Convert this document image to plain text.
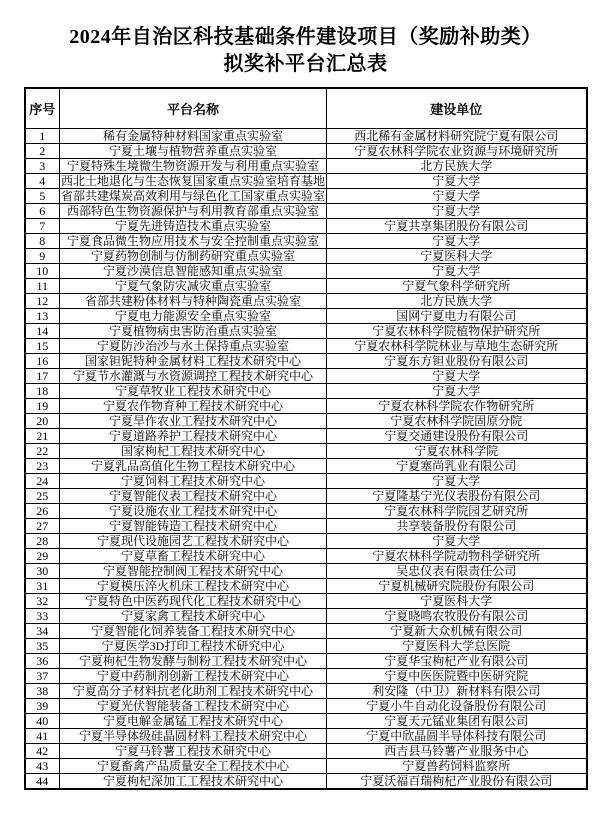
2024年自治区科技基础条件建设项目（奖励补助类）
拟奖补平台汇总表
序号	平台名称	建设单位
1	稀有金属特种材料国家重点实验室	西北稀有金属材料研究院宁夏有限公司
2	宁夏土壤与植物营养重点实验室	宁夏农林科学院农业资源与环境研究所
3	宁夏特殊生境微生物资源开发与利用重点实验室	北方民族大学
4	西北土地退化与生态恢复国家重点实验室培育基地	宁夏大学
5	省部共建煤炭高效利用与绿色化工国家重点实验室	宁夏大学
6	西部特色生物资源保护与利用教育部重点实验室	宁夏大学
7	宁夏先进铸造技术重点实验室	宁夏共享集团股份有限公司
8	宁夏食品微生物应用技术与安全控制重点实验室	宁夏大学
9	宁夏药物创制与仿制药研究重点实验室	宁夏医科大学
10	宁夏沙漠信息智能感知重点实验室	宁夏大学
11	宁夏气象防灾减灾重点实验室	宁夏气象科学研究所
12	省部共建粉体材料与特种陶瓷重点实验室	北方民族大学
13	宁夏电力能源安全重点实验室	国网宁夏电力有限公司
14	宁夏植物病虫害防治重点实验室	宁夏农林科学院植物保护研究所
15	宁夏防沙治沙与水土保持重点实验室	宁夏农林科学院林业与草地生态研究所
16	国家钽铌特种金属材料工程技术研究中心	宁夏东方钽业股份有限公司
17	宁夏节水灌溉与水资源调控工程技术研究中心	宁夏大学
18	宁夏草牧业工程技术研究中心	宁夏大学
19	宁夏农作物育种工程技术研究中心	宁夏农林科学院农作物研究所
20	宁夏旱作农业工程技术研究中心	宁夏农林科学院固原分院
21	宁夏道路养护工程技术研究中心	宁夏交通建设股份有限公司
22	国家枸杞工程技术研究中心	宁夏农林科学院
23	宁夏乳品高值化生物工程技术研究中心	宁夏塞尚乳业有限公司
24	宁夏饲料工程技术研究中心	宁夏大学
25	宁夏智能仪表工程技术研究中心	宁夏隆基宁光仪表股份有限公司
26	宁夏设施农业工程技术研究中心	宁夏农林科学院园艺研究所
27	宁夏智能铸造工程技术研究中心	共享装备股份有限公司
28	宁夏现代设施园艺工程技术研究中心	宁夏大学
29	宁夏草畜工程技术研究中心	宁夏农林科学院动物科学研究所
30	宁夏智能控制阀工程技术研究中心	吴忠仪表有限责任公司
31	宁夏模压淬火机床工程技术研究中心	宁夏机械研究院股份有限公司
32	宁夏特色中医药现代化工程技术研究中心	宁夏医科大学
33	宁夏家禽工程技术研究中心	宁夏晓鸣农牧股份有限公司
34	宁夏智能化饲养装备工程技术研究中心	宁夏新大众机械有限公司
35	宁夏医学3D打印工程技术研究中心	宁夏医科大学总医院
36	宁夏枸杞生物发酵与制粉工程技术研究中心	宁夏华宝枸杞产业有限公司
37	宁夏中药制剂创新工程技术研究中心	宁夏中医医院暨中医研究院
38	宁夏高分子材料抗老化助剂工程技术研究中心	利安隆（中卫）新材料有限公司
39	宁夏光伏智能装备工程技术研究中心	宁夏小牛自动化设备股份有限公司
40	宁夏电解金属锰工程技术研究中心	宁夏天元锰业集团有限公司
41	宁夏半导体级硅晶圆材料工程技术研究中心	宁夏中欣晶圆半导体科技有限公司
42	宁夏马铃薯工程技术研究中心	西吉县马铃薯产业服务中心
43	宁夏畜禽产品质量安全工程技术中心	宁夏兽药饲料监察所
44	宁夏枸杞深加工工程技术研究中心	宁夏沃福百瑞枸杞产业股份有限公司
